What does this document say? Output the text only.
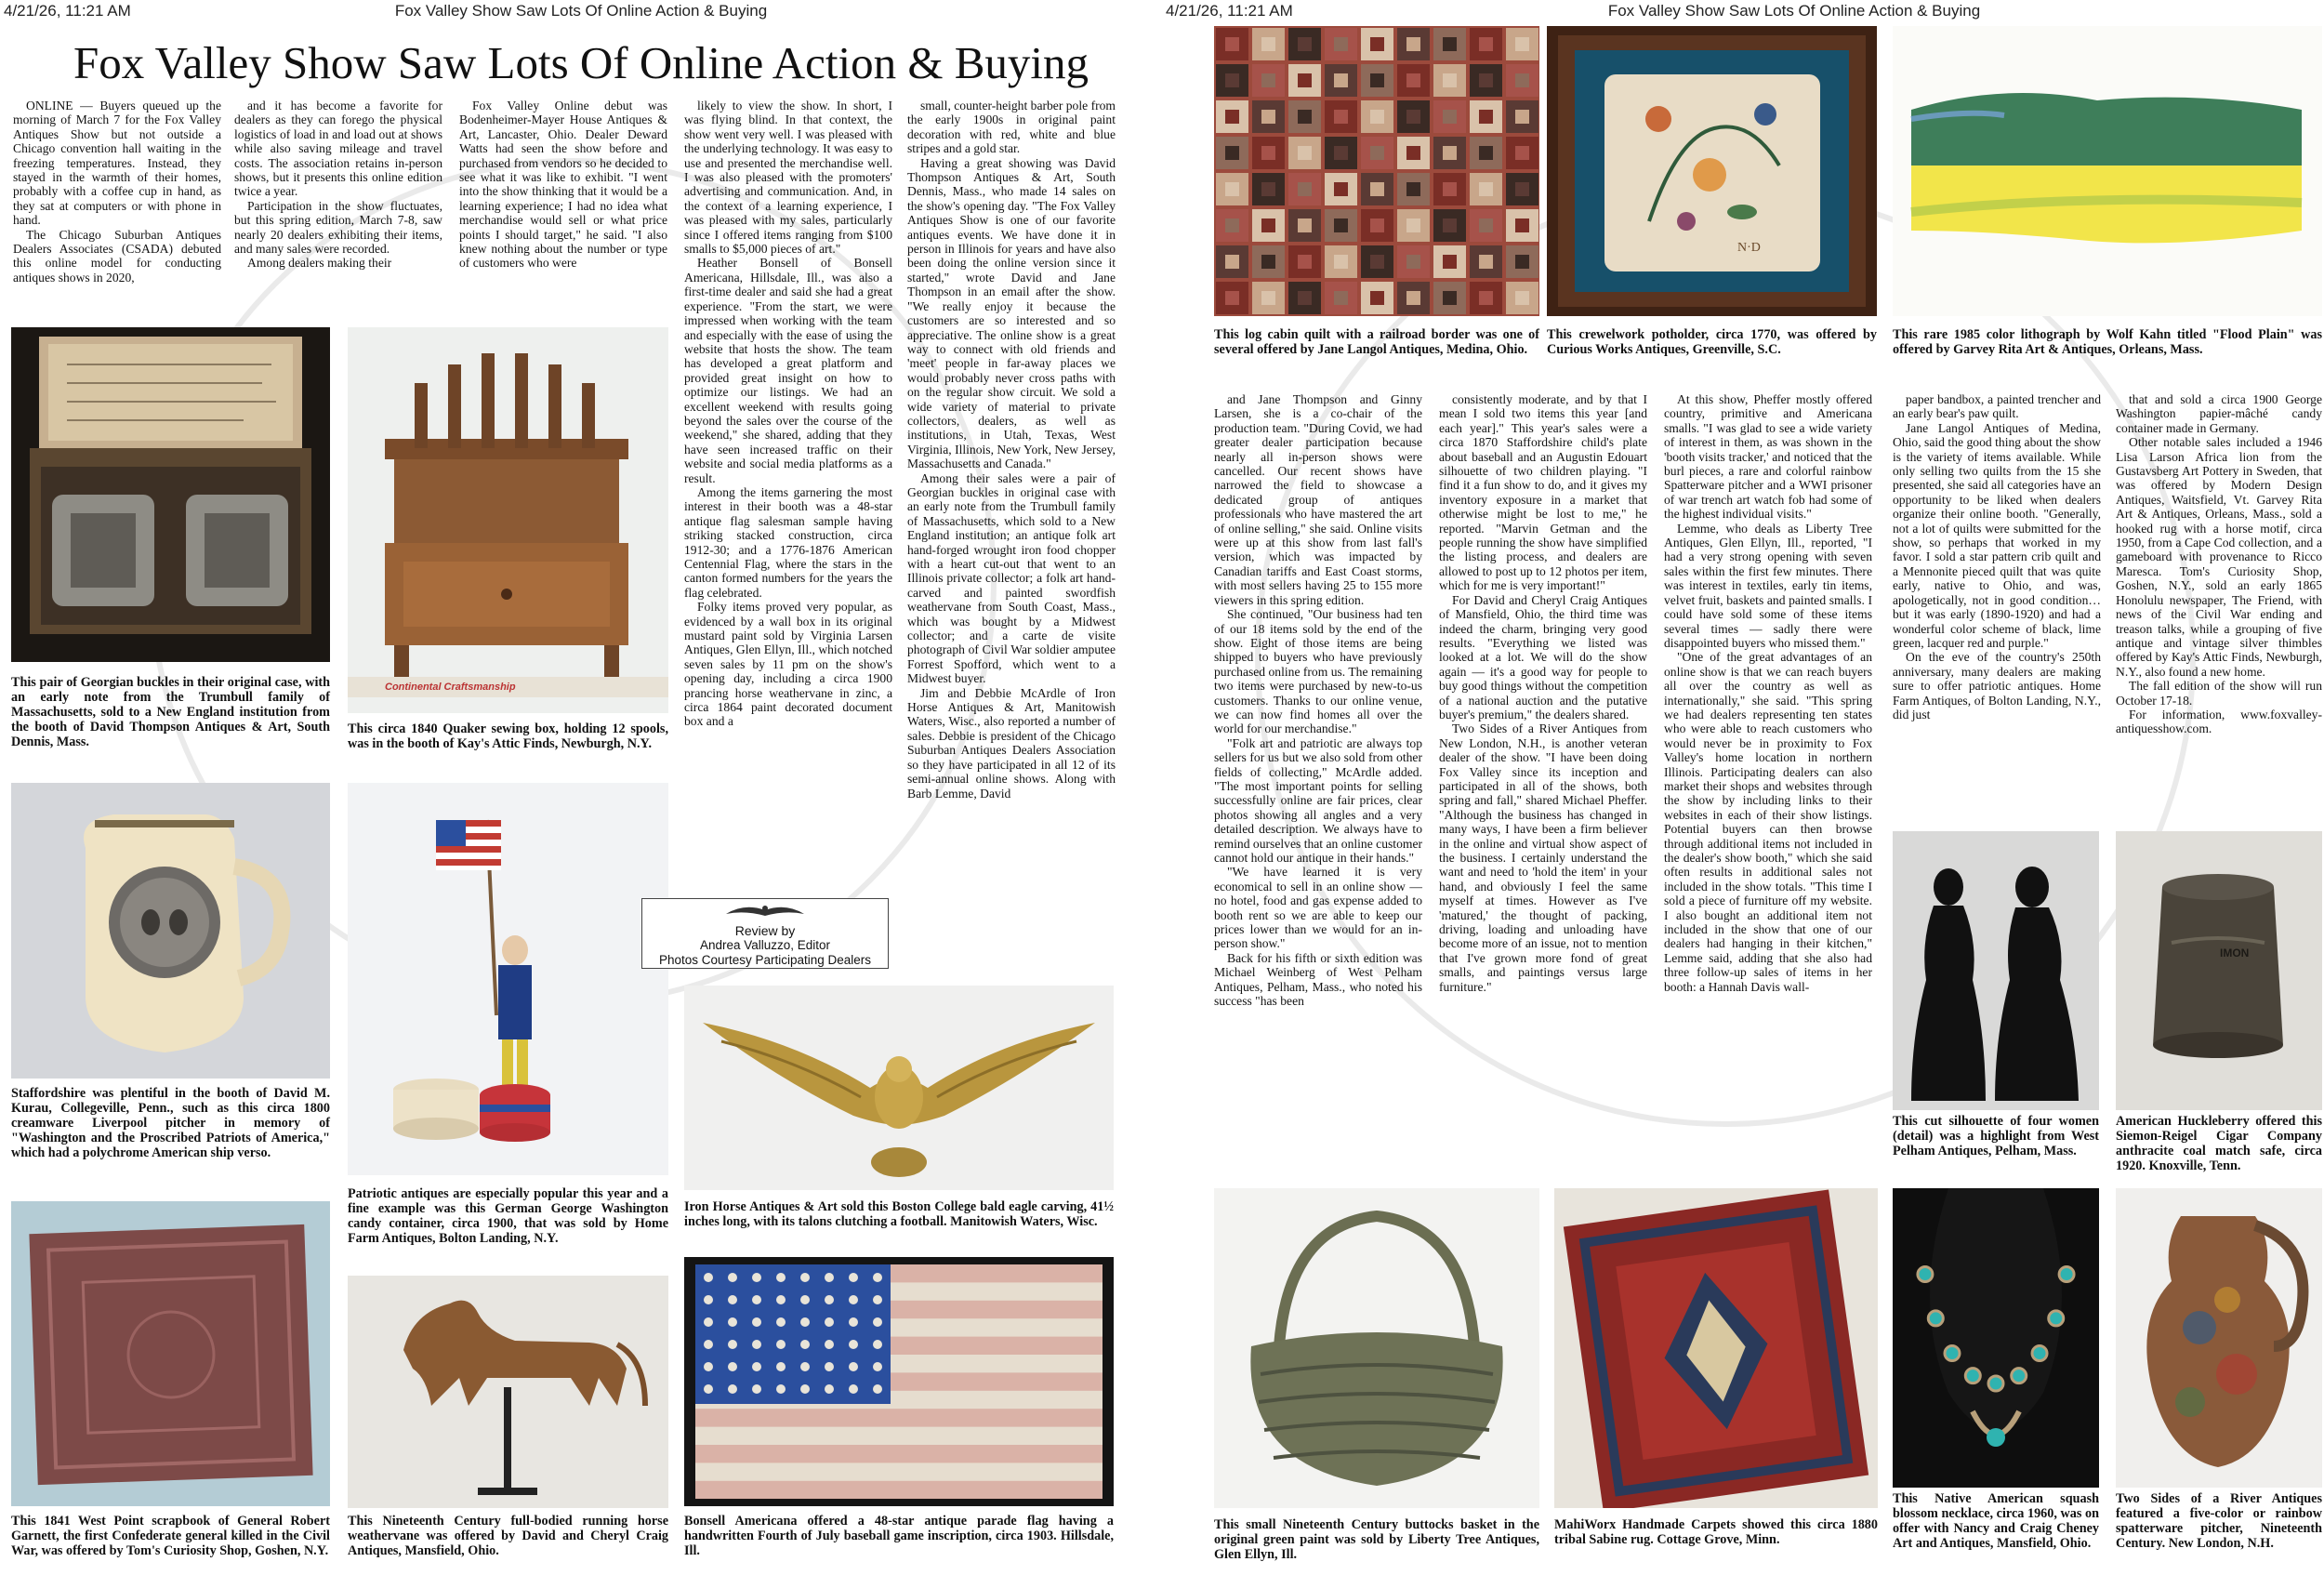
4/21/26, 11:21 AM	Fox Valley Show Saw Lots Of Online Action & Buying
Fox Valley Show Saw Lots Of Online Action & Buying

ONLINE — Buyers queued up the morning of March 7 for the Fox Valley Antiques Show but not outside a Chicago convention hall waiting in the freezing temperatures. Instead, they stayed in the warmth of their homes, probably with a coffee cup in hand, as they sat at computers or with phone in hand.

The Chicago Suburban Antiques Dealers Associates (CSADA) debuted this online model for conducting antiques shows in 2020,

and it has become a favorite for dealers as they can forego the physical logistics of load in and load out at shows while also saving mileage and travel costs. The association retains in-person shows, but it presents this online edition twice a year.

Participation in the show fluctuates, but this spring edition, March 7-8, saw nearly 20 dealers exhibiting their items, and many sales were recorded.

Among dealers making their

Fox Valley Online debut was Bodenheimer-Mayer House Antiques & Art, Lancaster, Ohio. Dealer Deward Watts had seen the show before and purchased from vendors so he decided to see what it was like to exhibit. "I went into the show thinking that it would be a learning experience; I had no idea what merchandise would sell or what price points I should target," he said. "I also knew nothing about the number or type of customers who were

likely to view the show. In short, I was flying blind. In that context, the show went very well. I was pleased with the underlying technology. It was easy to use and presented the merchandise well. I was also pleased with the promoters' advertising and communication. And, in the context of a learning experience, I was pleased with my sales, particularly since I offered items ranging from $100 smalls to $5,000 pieces of art."

Heather Bonsell of Bonsell Americana, Hillsdale, Ill., was also a first-time dealer and said she had a great experience. "From the start, we were impressed when working with the team and especially with the ease of using the website that hosts the show. The team has developed a great platform and provided great insight on how to optimize our listings. We had an excellent weekend with results going beyond the sales over the course of the weekend," she shared, adding that they have seen increased traffic on their website and social media platforms as a result.

Among the items garnering the most interest in their booth was a 48-star antique flag salesman sample having striking stacked construction, circa 1912-30; and a 1776-1876 American Centennial Flag, where the stars in the canton formed numbers for the years the flag celebrated.

Folky items proved very popular, as evidenced by a wall box in its original mustard paint sold by Virginia Larsen Antiques, Glen Ellyn, Ill., which notched seven sales by 11 pm on the show's opening day, including a circa 1900 prancing horse weathervane in zinc, a circa 1864 paint decorated document box and a

small, counter-height barber pole from the early 1900s in original paint decoration with red, white and blue stripes and a gold star.

Having a great showing was David Thompson Antiques & Art, South Dennis, Mass., who made 14 sales on the show's opening day. "The Fox Valley Antiques Show is one of our favorite antiques events. We have done it in person in Illinois for years and have also been doing the online version since it started," wrote David and Jane Thompson in an email after the show. "We really enjoy it because the customers are so interested and so appreciative. The online show is a great way to connect with old friends and 'meet' people in far-away places we would probably never cross paths with on the regular show circuit. We sold a wide variety of material to private collectors, dealers, as well as institutions, in Utah, Texas, West Virginia, Illinois, New York, New Jersey, Massachusetts and Canada."

Among their sales were a pair of Georgian buckles in original case with an early note from the Trumbull family of Massachusetts, which sold to a New England institution; an antique folk art hand-forged wrought iron food chopper with a heart cut-out that went to an Illinois private collector; a folk art hand-carved and painted swordfish weathervane from South Coast, Mass., which was bought by a Midwest collector; and a carte de visite photograph of Civil War soldier amputee Forrest Spofford, which went to a Midwest buyer.

Jim and Debbie McArdle of Iron Horse Antiques & Art, Manitowish Waters, Wisc., also reported a number of sales. Debbie is president of the Chicago Suburban Antiques Dealers Association so they have participated in all 12 of its semi-annual online shows. Along with Barb Lemme, David

This pair of Georgian buckles in their original case, with an early note from the Trumbull family of Massachusetts, sold to a New England institution from the booth of David Thompson Antiques & Art, South Dennis, Mass.
Continental Craftsmanship
This circa 1840 Quaker sewing box, holding 12 spools, was in the booth of Kay's Attic Finds, Newburgh, N.Y.
Staffordshire was plentiful in the booth of David M. Kurau, Collegeville, Penn., such as this circa 1800 creamware Liverpool pitcher in memory of "Washington and the Proscribed Patriots of America," which had a polychrome American ship verso.
Patriotic antiques are especially popular this year and a fine example was this German George Washington candy container, circa 1900, that was sold by Home Farm Antiques, Bolton Landing, N.Y.
Review by
Andrea Valluzzo, Editor
Photos Courtesy Participating Dealers
Iron Horse Antiques & Art sold this Boston College bald eagle carving, 41½ inches long, with its talons clutching a football. Manitowish Waters, Wisc.
This 1841 West Point scrapbook of General Robert Garnett, the first Confederate general killed in the Civil War, was offered by Tom's Curiosity Shop, Goshen, N.Y.
This Nineteenth Century full-bodied running horse weathervane was offered by David and Cheryl Craig Antiques, Mansfield, Ohio.
Bonsell Americana offered a 48-star antique parade flag having a handwritten Fourth of July baseball game inscription, circa 1903. Hillsdale, Ill.
4/21/26, 11:21 AM	Fox Valley Show Saw Lots Of Online Action & Buying
This log cabin quilt with a railroad border was one of several offered by Jane Langol Antiques, Medina, Ohio.
N·D
This crewelwork potholder, circa 1770, was offered by Curious Works Antiques, Greenville, S.C.
This rare 1985 color lithograph by Wolf Kahn titled "Flood Plain" was offered by Garvey Rita Art & Antiques, Orleans, Mass.

and Jane Thompson and Ginny Larsen, she is a co-chair of the production team. "During Covid, we had greater dealer participation because nearly all in-person shows were cancelled. Our recent shows have narrowed the field to showcase a dedicated group of antiques professionals who have mastered the art of online selling," she said. Online visits were up at this show from last fall's version, which was impacted by Canadian tariffs and East Coast storms, with most sellers having 25 to 155 more viewers in this spring edition.

She continued, "Our business had ten of our 18 items sold by the end of the show. Eight of those items are being shipped to buyers who have previously purchased online from us. The remaining two items were purchased by new-to-us customers. Thanks to our online venue, we can now find homes all over the world for our merchandise."

"Folk art and patriotic are always top sellers for us but we also sold from other fields of collecting," McArdle added. "The most important points for selling successfully online are fair prices, clear photos showing all angles and a very detailed description. We always have to remind ourselves that an online customer cannot hold our antique in their hands."

"We have learned it is very economical to sell in an online show — no hotel, food and gas expense added to booth rent so we are able to keep our prices lower than we would for an in-person show."

Back for his fifth or sixth edition was Michael Weinberg of West Pelham Antiques, Pelham, Mass., who noted his success "has been

consistently moderate, and by that I mean I sold two items this year [and each year]." This year's sales were a circa 1870 Staffordshire child's plate about baseball and an Augustin Edouart silhouette of two children playing. "I find it a fun show to do, and it gives my inventory exposure in a market that otherwise might be lost to me," he reported. "Marvin Getman and the people running the show have simplified the listing process, and dealers are allowed to post up to 12 photos per item, which for me is very important!"

For David and Cheryl Craig Antiques of Mansfield, Ohio, the third time was indeed the charm, bringing very good results. "Everything we listed was looked at a lot. We will do the show again — it's a good way for people to buy good things without the competition of a national auction and the putative buyer's premium," the dealers shared.

Two Sides of a River Antiques from New London, N.H., is another veteran dealer of the show. "I have been doing Fox Valley since its inception and participated in all of the shows, both spring and fall," shared Michael Pheffer. "Although the business has changed in many ways, I have been a firm believer in the online and virtual show aspect of the business. I certainly understand the want and need to 'hold the item' in your hand, and obviously I feel the same myself at times. However as I've 'matured,' the thought of packing, driving, loading and unloading have become more of an issue, not to mention that I've grown more fond of great smalls, and paintings versus large furniture."

At this show, Pheffer mostly offered country, primitive and Americana smalls. "I was glad to see a wide variety of interest in them, as was shown in the 'booth visits tracker,' and noticed that the burl pieces, a rare and colorful rainbow Spatterware pitcher and a WWI prisoner of war trench art watch fob had some of the highest individual visits."

Lemme, who deals as Liberty Tree Antiques, Glen Ellyn, Ill., reported, "I had a very strong opening with seven sales within the first few minutes. There was interest in textiles, early tin items, velvet fruit, baskets and painted smalls. I could have sold some of these items several times — sadly there were disappointed buyers who missed them."

"One of the great advantages of an online show is that we can reach buyers all over the country as well as internationally," she said. "This spring we had dealers representing ten states who were able to reach customers who would never be in proximity to Fox Valley's home location in northern Illinois. Participating dealers can also market their shops and websites through the show by including links to their websites in each of their show listings. Potential buyers can then browse through additional items not included in the dealer's show booth," which she said often results in additional sales not included in the show totals. "This time I sold a piece of furniture off my website. I also bought an additional item not included in the show that one of our dealers had hanging in their kitchen," Lemme said, adding that she also had three follow-up sales of items in her booth: a Hannah Davis wall-

paper bandbox, a painted trencher and an early bear's paw quilt.

Jane Langol Antiques of Medina, Ohio, said the good thing about the show is the variety of items available. While only selling two quilts from the 15 she presented, she said all categories have an opportunity to be liked when dealers organize their online booth. "Generally, not a lot of quilts were submitted for the show, so perhaps that worked in my favor. I sold a star pattern crib quilt and a Mennonite pieced quilt that was quite early, native to Ohio, and was, apologetically, not in good condition…but it was early (1890-1920) and had a wonderful color scheme of black, lime green, lacquer red and purple."

On the eve of the country's 250th anniversary, many dealers are making sure to offer patriotic antiques. Home Farm Antiques, of Bolton Landing, N.Y., did just

that and sold a circa 1900 George Washington papier-mâché candy container made in Germany.

Other notable sales included a 1946 Lisa Larson Africa lion from the Gustavsberg Art Pottery in Sweden, that was offered by Modern Design Antiques, Waitsfield, Vt. Garvey Rita Art & Antiques, Orleans, Mass., sold a hooked rug with a horse motif, circa 1950, from a Cape Cod collection, and a gameboard with provenance to Ricco Maresca. Tom's Curiosity Shop, Goshen, N.Y., sold an early 1865 Honolulu newspaper, The Friend, with news of the Civil War ending and treason talks, while a grouping of five antique and vintage silver thimbles offered by Kay's Attic Finds, Newburgh, N.Y., also found a new home.

The fall edition of the show will run October 17-18.

For information, www.foxvalley-antiquesshow.com.

This cut silhouette of four women (detail) was a highlight from West Pelham Antiques, Pelham, Mass.
IMON
American Huckleberry offered this Siemon-Reigel Cigar Company anthracite coal match safe, circa 1920. Knoxville, Tenn.
This small Nineteenth Century buttocks basket in the original green paint was sold by Liberty Tree Antiques, Glen Ellyn, Ill.
MahiWorx Handmade Carpets showed this circa 1880 tribal Sabine rug. Cottage Grove, Minn.
This Native American squash blossom necklace, circa 1960, was on offer with Nancy and Craig Cheney Art and Antiques, Mansfield, Ohio.
Two Sides of a River Antiques featured a five-color or rainbow spatterware pitcher, Nineteenth Century. New London, N.H.
